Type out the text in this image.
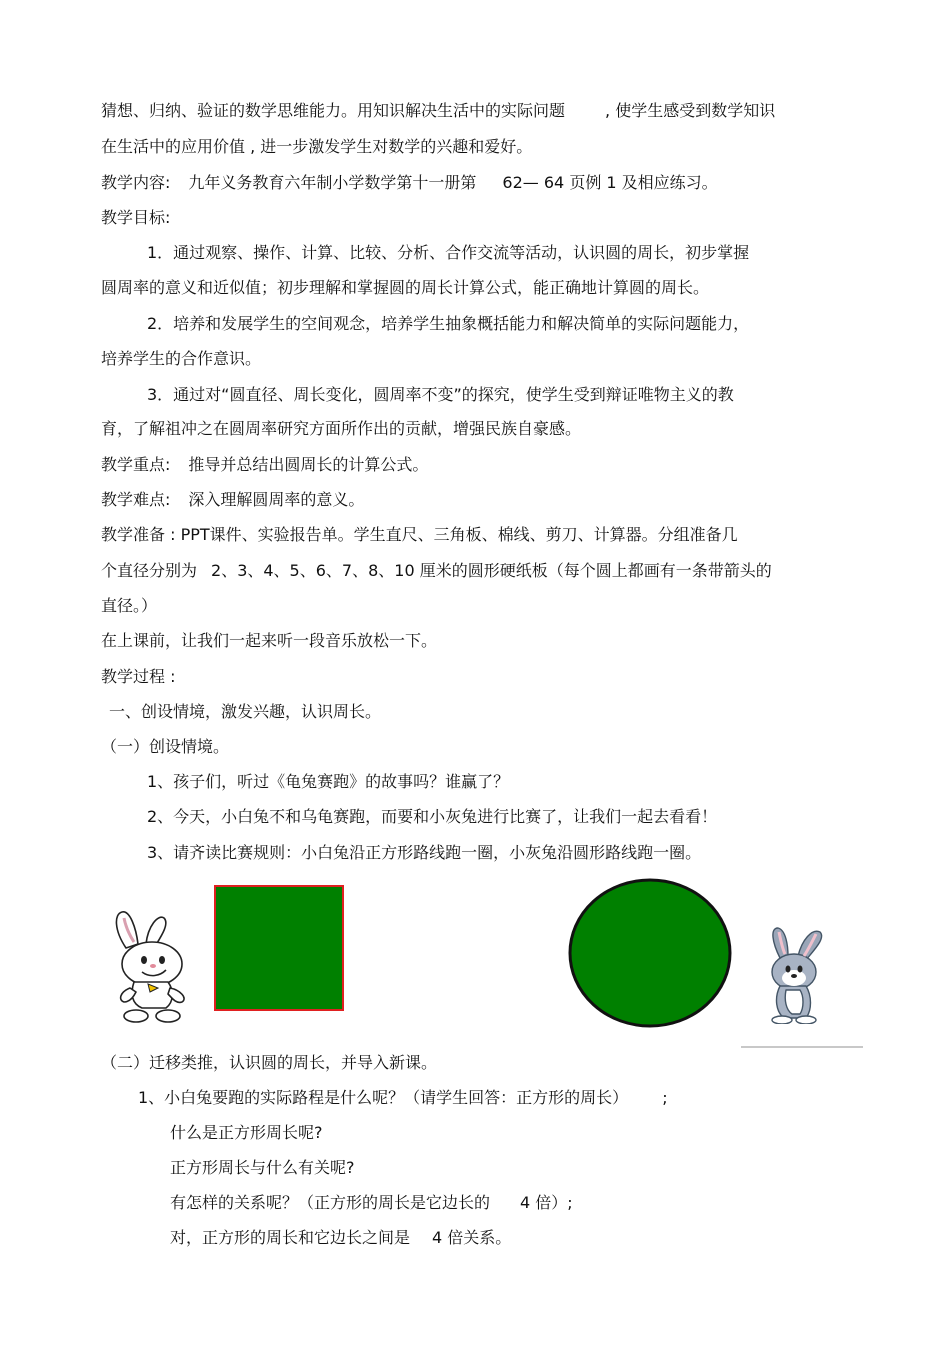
猜想、归纳、验证的数学思维能力。用知识解决生活中的实际问题	, 使学生感受到数学知识
在生活中的应用价值 , 进一步激发学生对数学的兴趣和爱好。
教学内容: 九年义务教育六年制小学数学第十一册第 62— 64 页例 1 及相应练习。
教学目标:
1．通过观察、操作、计算、比较、分析、合作交流等活动，认识圆的周长，初步掌握
圆周率的意义和近似值；初步理解和掌握圆的周长计算公式，能正确地计算圆的周长。
2．培养和发展学生的空间观念，培养学生抽象概括能力和解决简单的实际问题能力，
培养学生的合作意识。
3．通过对“圆直径、周长变化，圆周率不变”的探究，使学生受到辩证唯物主义的教
育，了解祖冲之在圆周率研究方面所作出的贡献，增强民族自豪感。
教学重点: 推导并总结出圆周长的计算公式。
教学难点: 深入理解圆周率的意义。
教学准备 : PPT课件、实验报告单。学生直尺、三角板、棉线、剪刀、计算器。分组准备几
个直径分别为 2、3、4、5、6、7、8、10 厘米的圆形硬纸板（每个圆上都画有一条带箭头的
直径。）
在上课前，让我们一起来听一段音乐放松一下。
教学过程 :
一、创设情境，激发兴趣，认识周长。
（一）创设情境。
1、孩子们，听过《龟兔赛跑》的故事吗？谁赢了？
2、今天，小白兔不和乌龟赛跑，而要和小灰兔进行比赛了，让我们一起去看看！
3、请齐读比赛规则：小白兔沿正方形路线跑一圈，小灰兔沿圆形路线跑一圈。
（二）迁移类推，认识圆的周长，并导入新课。
1、小白兔要跑的实际路程是什么呢？（请学生回答：正方形的周长） ;
什么是正方形周长呢?
正方形周长与什么有关呢?
有怎样的关系呢？（正方形的周长是它边长的 4 倍）;
对，正方形的周长和它边长之间是 4 倍关系。
